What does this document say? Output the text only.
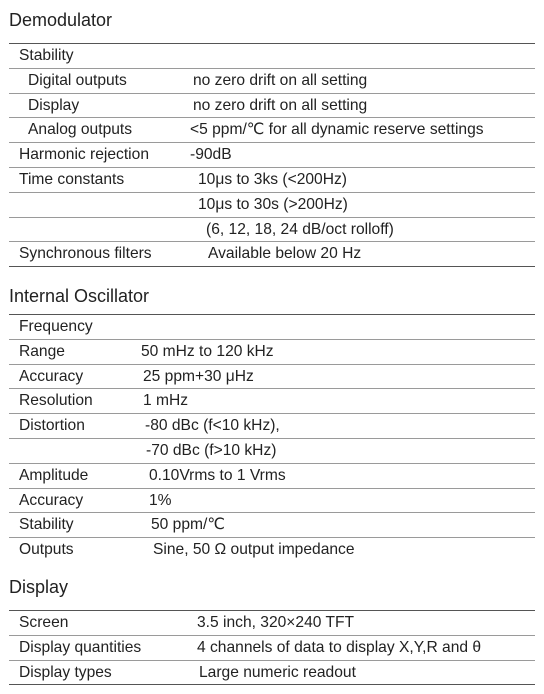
Demodulator
Stability
Digital outputs	no zero drift on all setting
Display	no zero drift on all setting
Analog outputs	<5 ppm/℃ for all dynamic reserve settings
Harmonic rejection	-90dB
Time constants	10μs to 3ks (<200Hz)
10μs to 30s (>200Hz)
(6, 12, 18, 24 dB/oct rolloff)
Synchronous filters	Available below 20 Hz
Internal Oscillator
Frequency
Range	50 mHz to 120 kHz
Accuracy	25 ppm+30 μHz
Resolution	1 mHz
Distortion	-80 dBc (f<10 kHz),
-70 dBc (f>10 kHz)
Amplitude	0.10Vrms to 1 Vrms
Accuracy	1%
Stability	50 ppm/℃
Outputs	Sine, 50 Ω output impedance
Display
Screen	3.5 inch, 320×240 TFT
Display quantities	4 channels of data to display X,Y,R and θ
Display types	Large numeric readout
